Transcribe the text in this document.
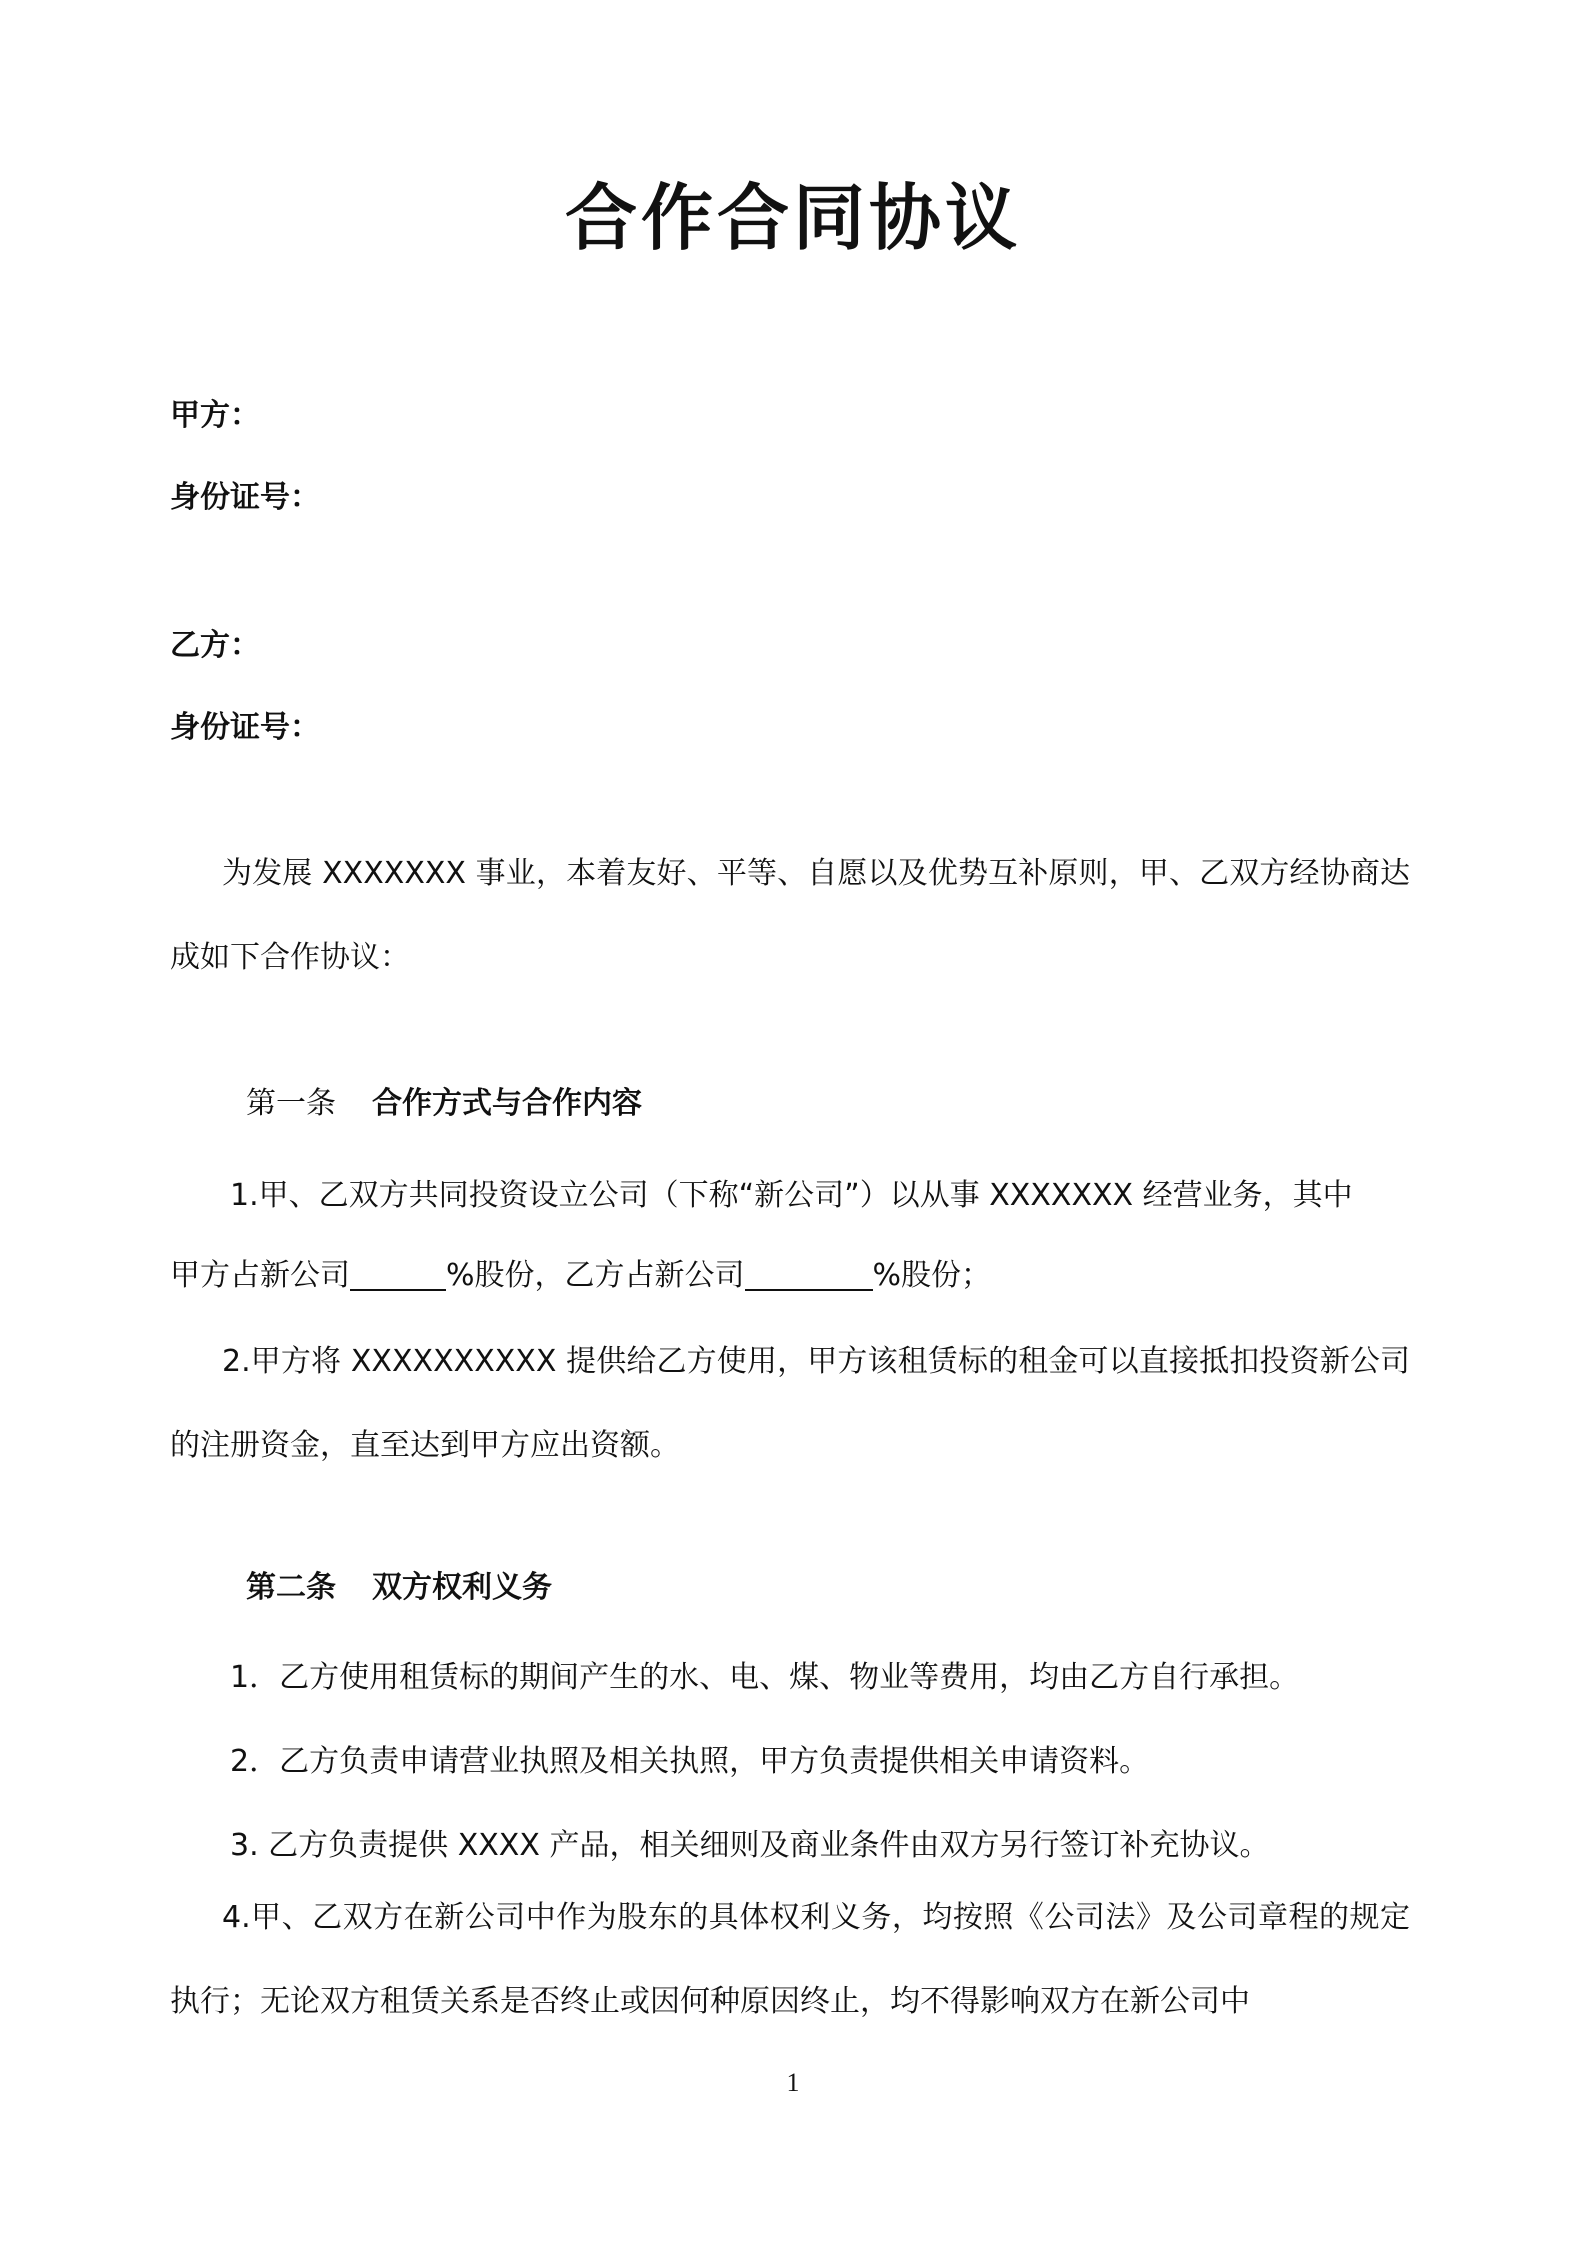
合作合同协议
甲方：
身份证号：
乙方：
身份证号：
为发展 XXXXXXX 事业，本着友好、平等、自愿以及优势互补原则，甲、乙双方经协商达成如下合作协议：
第一条 合作方式与合作内容
1.甲、乙双方共同投资设立公司（下称“新公司”）以从事 XXXXXXX 经营业务，其中
甲方占新公司	%股份，乙方占新公司	%股份；
2.甲方将 XXXXXXXXXX 提供给乙方使用，甲方该租赁标的租金可以直接抵扣投资新公司的注册资金，直至达到甲方应出资额。
第二条 双方权利义务
1．乙方使用租赁标的期间产生的水、电、煤、物业等费用，均由乙方自行承担。
2．乙方负责申请营业执照及相关执照，甲方负责提供相关申请资料。
3. 乙方负责提供 XXXX 产品，相关细则及商业条件由双方另行签订补充协议。
4.甲、乙双方在新公司中作为股东的具体权利义务，均按照《公司法》及公司章程的规定执行；无论双方租赁关系是否终止或因何种原因终止，均不得影响双方在新公司中
1
